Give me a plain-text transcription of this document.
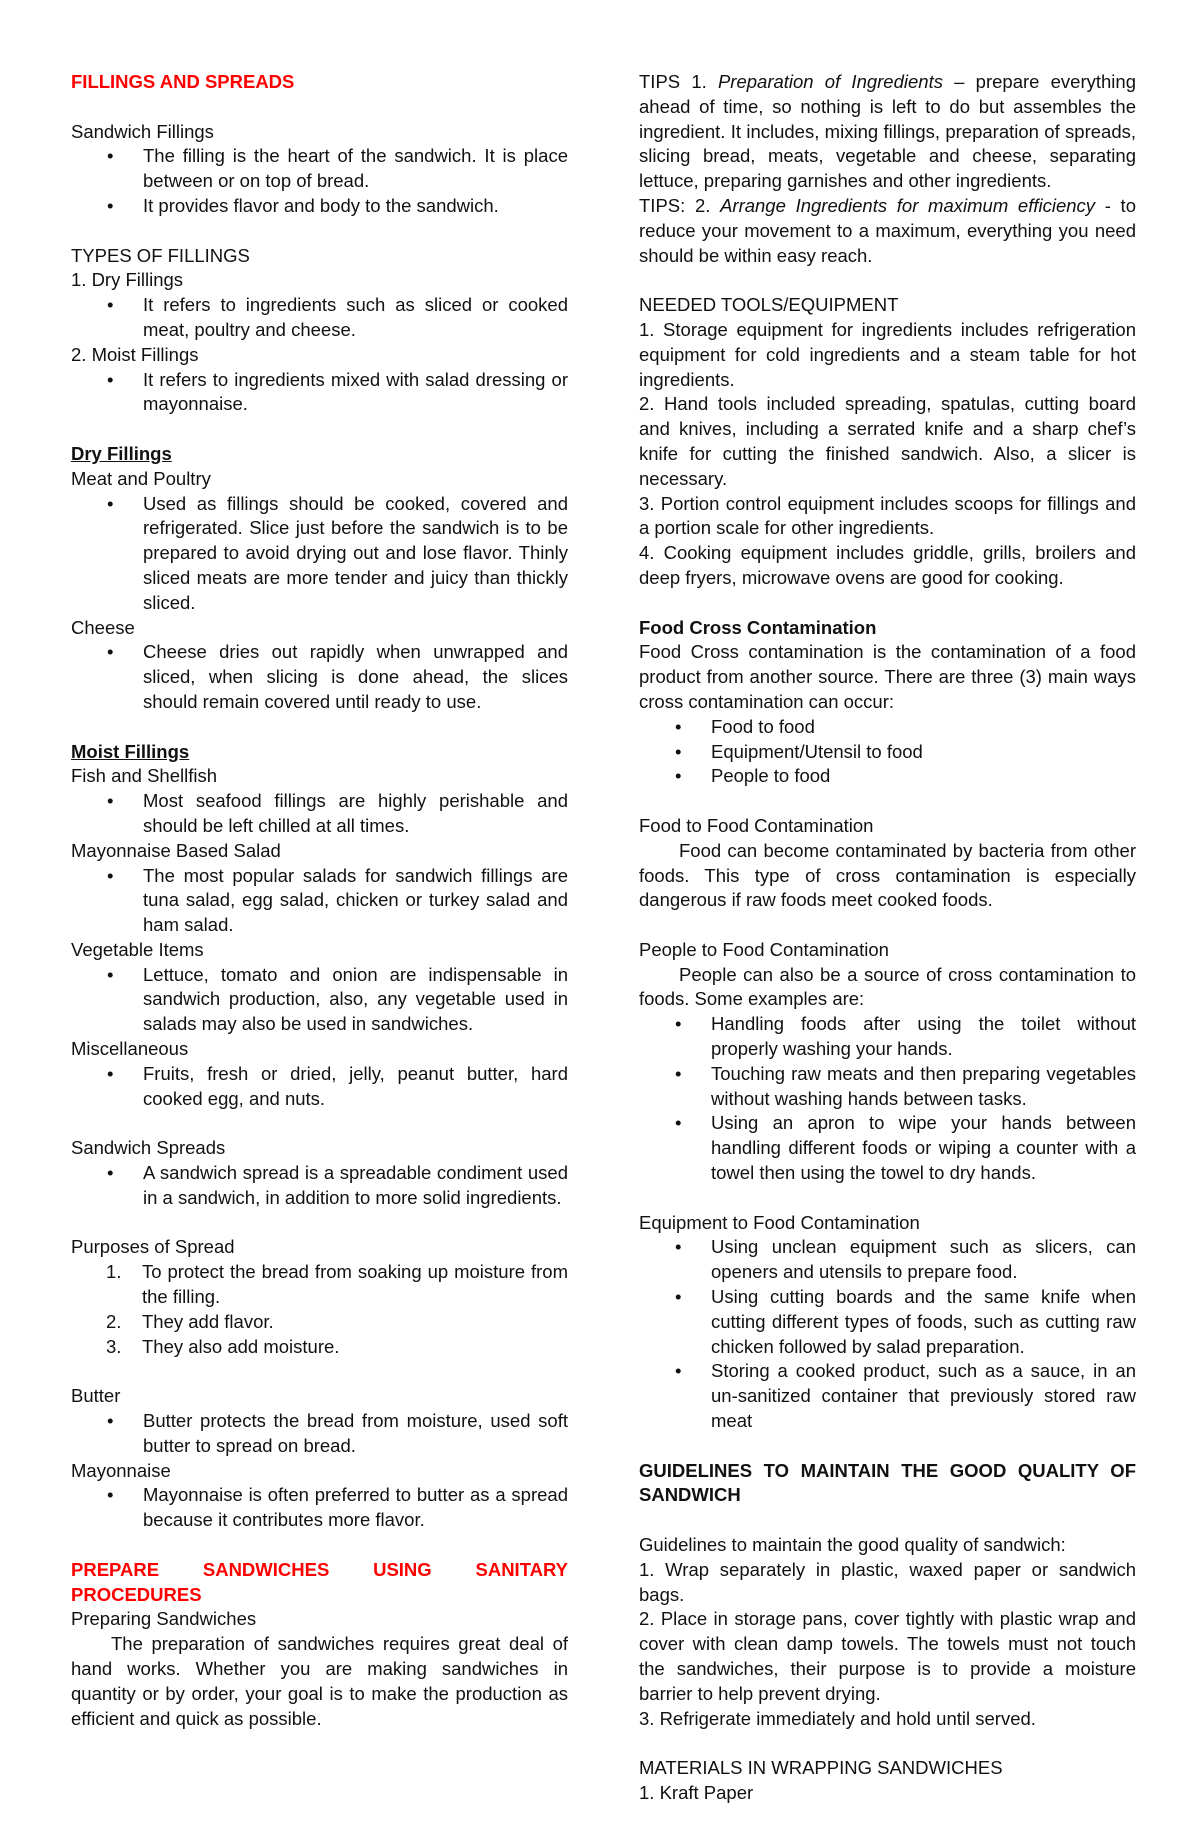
FILLINGS AND SPREADS

Sandwich Fillings

•	The filling is the heart of the sandwich. It is place between or on top of bread.
•	It provides flavor and body to the sandwich.

TYPES OF FILLINGS

1. Dry Fillings

•	It refers to ingredients such as sliced or cooked meat, poultry and cheese.

2. Moist Fillings

•	It refers to ingredients mixed with salad dressing or mayonnaise.

Dry Fillings

Meat and Poultry

•	Used as fillings should be cooked, covered and refrigerated. Slice just before the sandwich is to be prepared to avoid drying out and lose flavor. Thinly sliced meats are more tender and juicy than thickly sliced.

Cheese

•	Cheese dries out rapidly when unwrapped and sliced, when slicing is done ahead, the slices should remain covered until ready to use.

Moist Fillings

Fish and Shellfish

•	Most seafood fillings are highly perishable and should be left chilled at all times.

Mayonnaise Based Salad

•	The most popular salads for sandwich fillings are tuna salad, egg salad, chicken or turkey salad and ham salad.

Vegetable Items

•	Lettuce, tomato and onion are indispensable in sandwich production, also, any vegetable used in salads may also be used in sandwiches.

Miscellaneous

•	Fruits, fresh or dried, jelly, peanut butter, hard cooked egg, and nuts.

Sandwich Spreads

•	A sandwich spread is a spreadable condiment used in a sandwich, in addition to more solid ingredients.

Purposes of Spread

1.	To protect the bread from soaking up moisture from the filling.
2.	They add flavor.
3.	They also add moisture.

Butter

•	Butter protects the bread from moisture, used soft butter to spread on bread.

Mayonnaise

•	Mayonnaise is often preferred to butter as a spread because it contributes more flavor.

PREPARE SANDWICHES USING SANITARY

PROCEDURES

Preparing Sandwiches

The preparation of sandwiches requires great deal of hand works. Whether you are making sandwiches in quantity or by order, your goal is to make the production as efficient and quick as possible.

TIPS 1. Preparation of Ingredients – prepare everything ahead of time, so nothing is left to do but assembles the ingredient. It includes, mixing fillings, preparation of spreads, slicing bread, meats, vegetable and cheese, separating lettuce, preparing garnishes and other ingredients.

TIPS: 2. Arrange Ingredients for maximum efficiency - to reduce your movement to a maximum, everything you need should be within easy reach.

NEEDED TOOLS/EQUIPMENT

1. Storage equipment for ingredients includes refrigeration equipment for cold ingredients and a steam table for hot ingredients.

2. Hand tools included spreading, spatulas, cutting board and knives, including a serrated knife and a sharp chef’s knife for cutting the finished sandwich. Also, a slicer is necessary.

3. Portion control equipment includes scoops for fillings and a portion scale for other ingredients.

4. Cooking equipment includes griddle, grills, broilers and deep fryers, microwave ovens are good for cooking.

Food Cross Contamination

Food Cross contamination is the contamination of a food product from another source. There are three (3) main ways cross contamination can occur:

•	Food to food
•	Equipment/Utensil to food
•	People to food

Food to Food Contamination

Food can become contaminated by bacteria from other foods. This type of cross contamination is especially dangerous if raw foods meet cooked foods.

People to Food Contamination

People can also be a source of cross contamination to foods. Some examples are:

•	Handling foods after using the toilet without properly washing your hands.
•	Touching raw meats and then preparing vegetables without washing hands between tasks.
•	Using an apron to wipe your hands between handling different foods or wiping a counter with a towel then using the towel to dry hands.

Equipment to Food Contamination

•	Using unclean equipment such as slicers, can openers and utensils to prepare food.
•	Using cutting boards and the same knife when cutting different types of foods, such as cutting raw chicken followed by salad preparation.
•	Storing a cooked product, such as a sauce, in an un-sanitized container that previously stored raw meat

GUIDELINES TO MAINTAIN THE GOOD QUALITY OF

SANDWICH

Guidelines to maintain the good quality of sandwich:

1. Wrap separately in plastic, waxed paper or sandwich bags.

2. Place in storage pans, cover tightly with plastic wrap and cover with clean damp towels. The towels must not touch the sandwiches, their purpose is to provide a moisture barrier to help prevent drying.

3. Refrigerate immediately and hold until served.

MATERIALS IN WRAPPING SANDWICHES

1. Kraft Paper
